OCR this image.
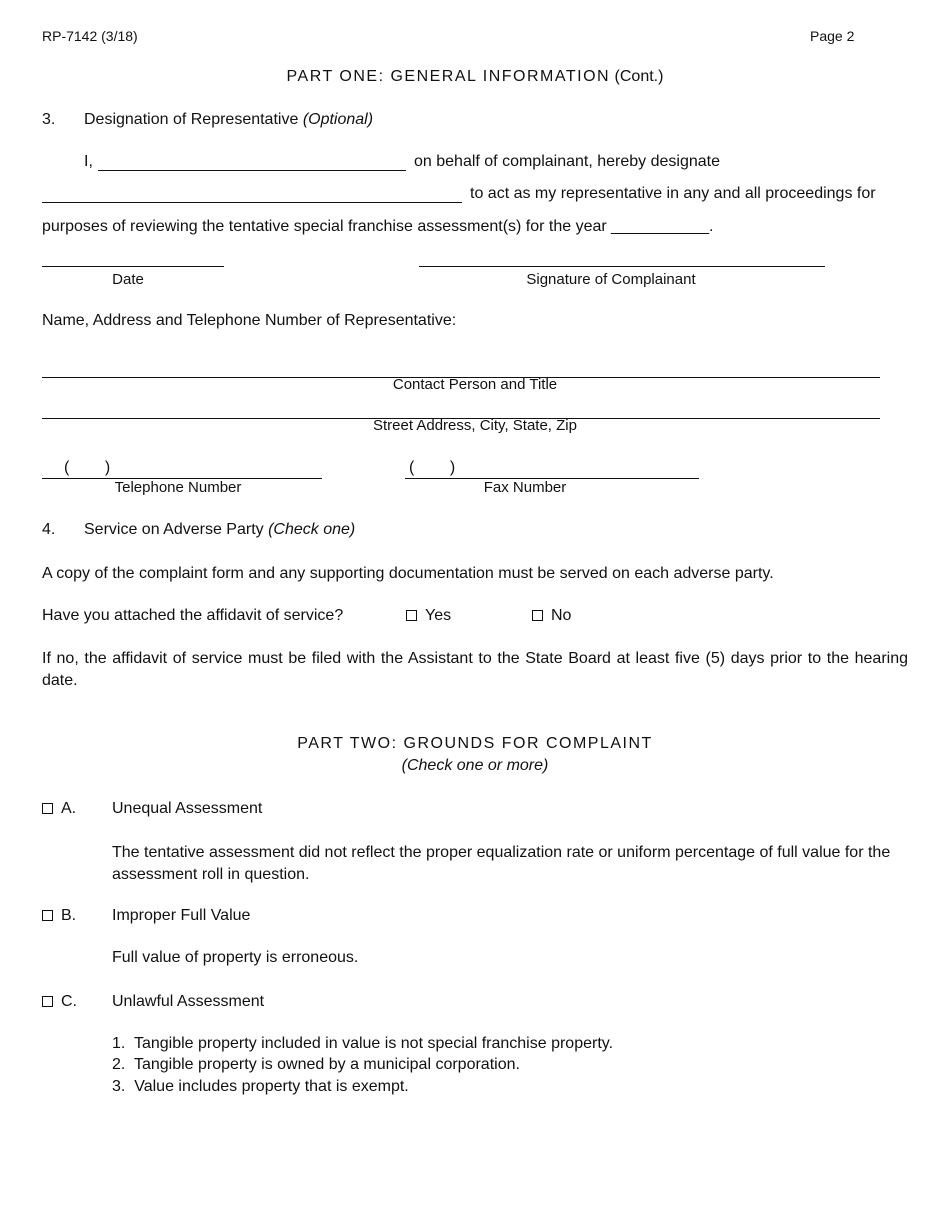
RP-7142 (3/18)	Page 2
PART ONE: GENERAL INFORMATION (Cont.)
3. Designation of Representative (Optional)
I,	on behalf of complainant, hereby designate
to act as my representative in any and all proceedings for
purposes of reviewing the tentative special franchise assessment(s) for the year ___________.
Date	Signature of Complainant
Name, Address and Telephone Number of Representative:
Contact Person and Title
Street Address, City, State, Zip
(        )
Telephone Number
(        )
Fax Number
4. Service on Adverse Party (Check one)
A copy of the complaint form and any supporting documentation must be served on each adverse party.
Have you attached the affidavit of service?	Yes	No
If no, the affidavit of service must be filed with the Assistant to the State Board at least five (5) days prior to the hearing date.
PART TWO: GROUNDS FOR COMPLAINT
(Check one or more)
A. Unequal Assessment
The tentative assessment did not reflect the proper equalization rate or uniform percentage of full value for the assessment roll in question.
B. Improper Full Value
Full value of property is erroneous.
C. Unlawful Assessment
1.  Tangible property included in value is not special franchise property.
2.  Tangible property is owned by a municipal corporation.
3.  Value includes property that is exempt.
